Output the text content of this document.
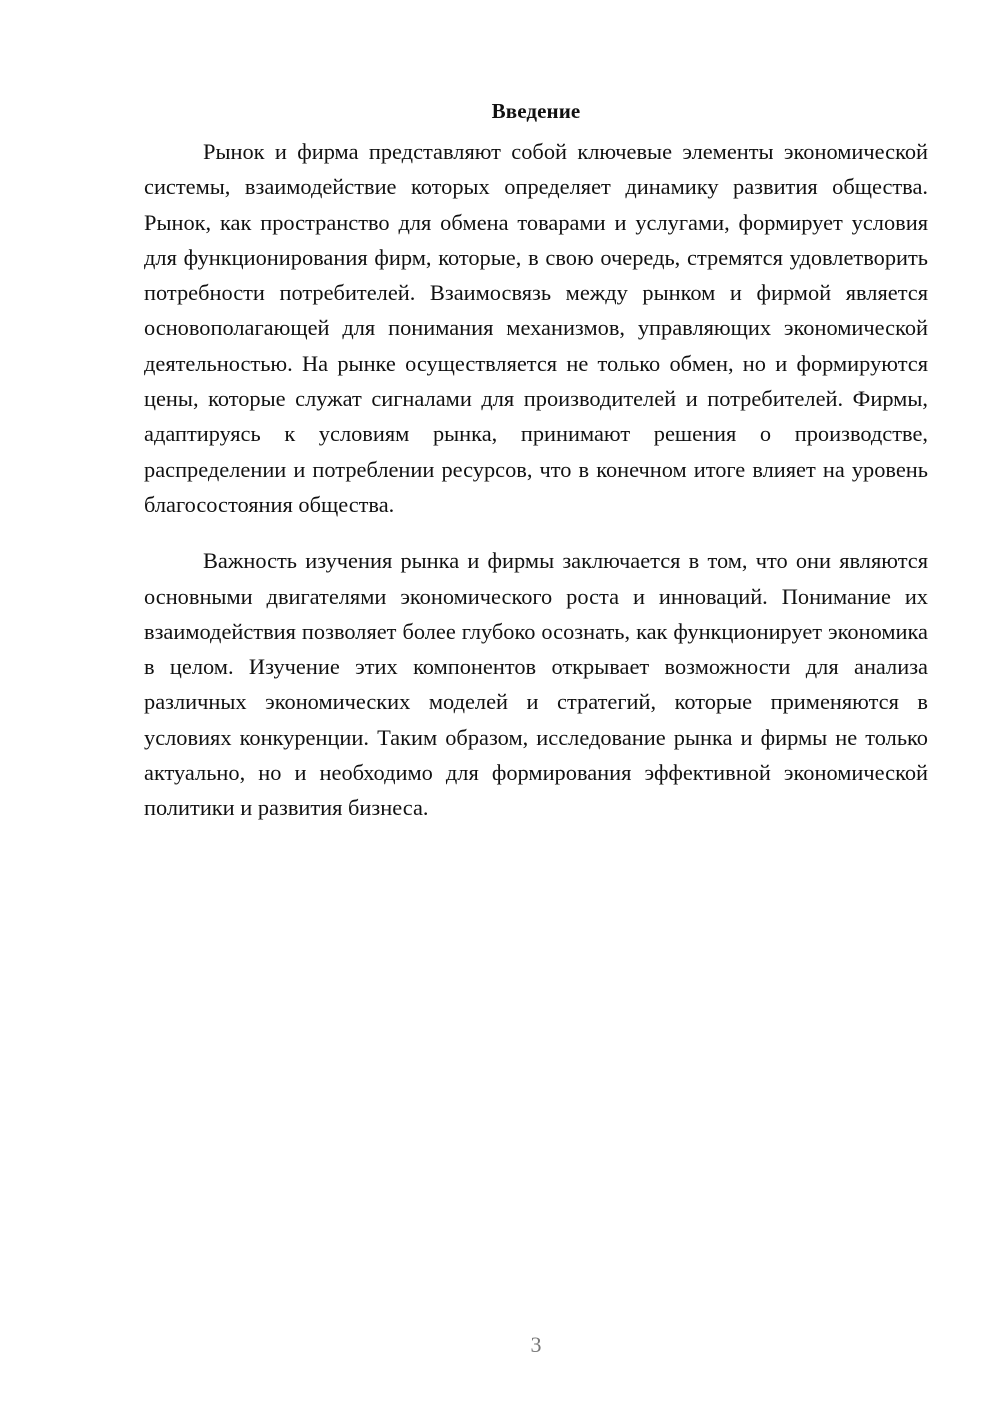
Введение

Рынок и фирма представляют собой ключевые элементы экономической системы, взаимодействие которых определяет динамику развития общества. Рынок, как пространство для обмена товарами и услугами, формирует условия для функционирования фирм, которые, в свою очередь, стремятся удовлетворить потребности потребителей. Взаимосвязь между рынком и фирмой является основополагающей для понимания механизмов, управляющих экономической деятельностью. На рынке осуществляется не только обмен, но и формируются цены, которые служат сигналами для производителей и потребителей. Фирмы, адаптируясь к условиям рынка, принимают решения о производстве, распределении и потреблении ресурсов, что в конечном итоге влияет на уровень благосостояния общества.

Важность изучения рынка и фирмы заключается в том, что они являются основными двигателями экономического роста и инноваций. Понимание их взаимодействия позволяет более глубоко осознать, как функционирует экономика в целом. Изучение этих компонентов открывает возможности для анализа различных экономических моделей и стратегий, которые применяются в условиях конкуренции. Таким образом, исследование рынка и фирмы не только актуально, но и необходимо для формирования эффективной экономической политики и развития бизнеса.

3
